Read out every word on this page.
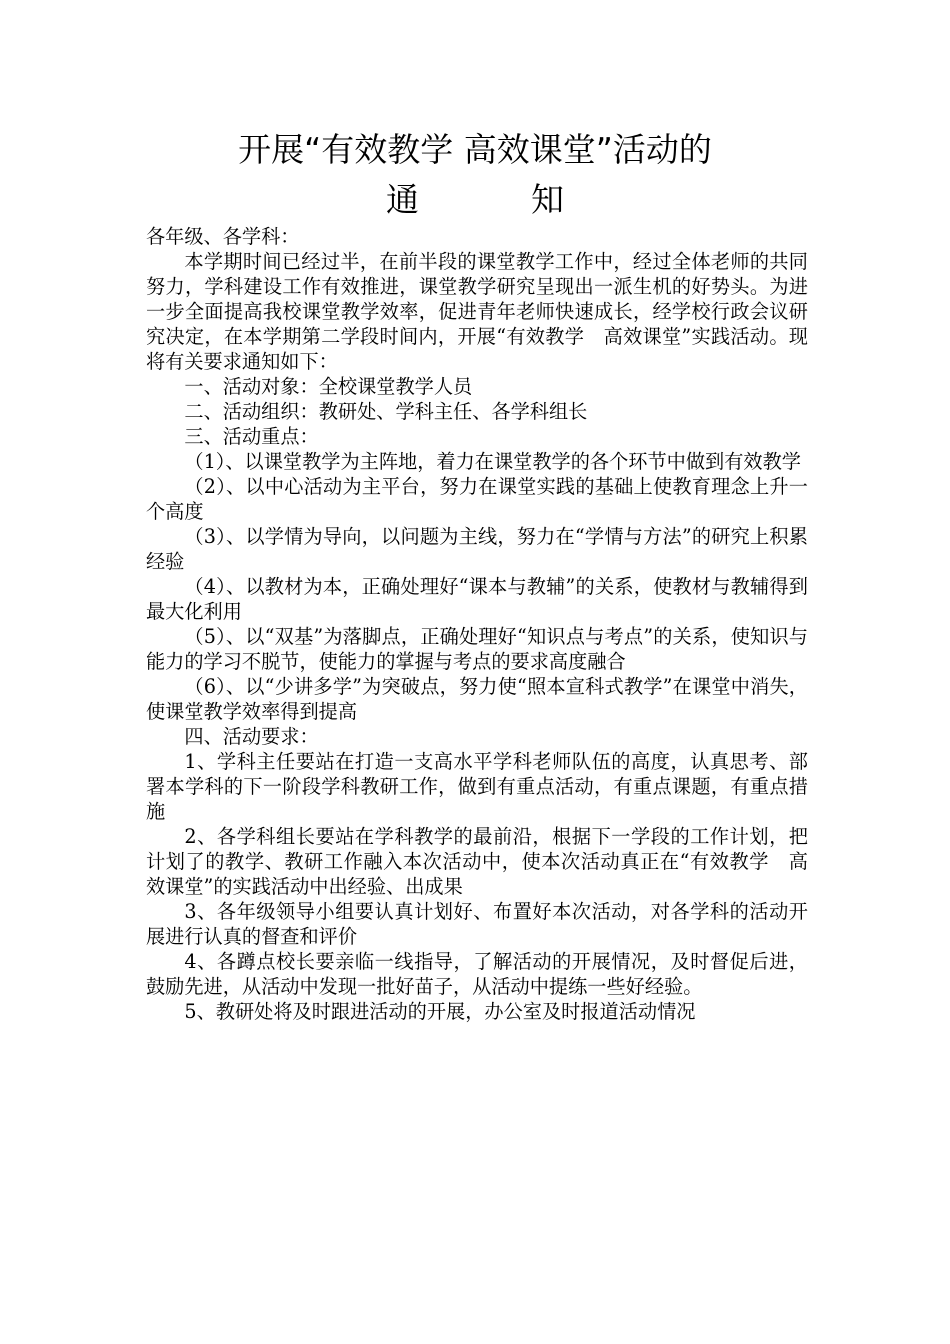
开展“有效教学 高效课堂”活动的
通	知

各年级、各学科：

本学期时间已经过半，在前半段的课堂教学工作中，经过全体老师的共同努力，学科建设工作有效推进，课堂教学研究呈现出一派生机的好势头。为进一步全面提高我校课堂教学效率，促进青年老师快速成长，经学校行政会议研究决定，在本学期第二学段时间内，开展“有效教学　高效课堂”实践活动。现将有关要求通知如下：

一、活动对象：全校课堂教学人员

二、活动组织：教研处、学科主任、各学科组长

三、活动重点：

（1）、以课堂教学为主阵地，着力在课堂教学的各个环节中做到有效教学

（2）、以中心活动为主平台，努力在课堂实践的基础上使教育理念上升一个高度

（3）、以学情为导向，以问题为主线，努力在“学情与方法”的研究上积累经验

（4）、以教材为本，正确处理好“课本与教辅”的关系，使教材与教辅得到最大化利用

（5）、以“双基”为落脚点，正确处理好“知识点与考点”的关系，使知识与能力的学习不脱节，使能力的掌握与考点的要求高度融合

（6）、以“少讲多学”为突破点，努力使“照本宣科式教学”在课堂中消失，使课堂教学效率得到提高

四、活动要求：

1、学科主任要站在打造一支高水平学科老师队伍的高度，认真思考、部署本学科的下一阶段学科教研工作，做到有重点活动，有重点课题，有重点措施

2、各学科组长要站在学科教学的最前沿，根据下一学段的工作计划，把计划了的教学、教研工作融入本次活动中，使本次活动真正在“有效教学　高效课堂”的实践活动中出经验、出成果

3、各年级领导小组要认真计划好、布置好本次活动，对各学科的活动开展进行认真的督查和评价

4、各蹲点校长要亲临一线指导，了解活动的开展情况，及时督促后进，鼓励先进，从活动中发现一批好苗子，从活动中提练一些好经验。

5、教研处将及时跟进活动的开展，办公室及时报道活动情况
